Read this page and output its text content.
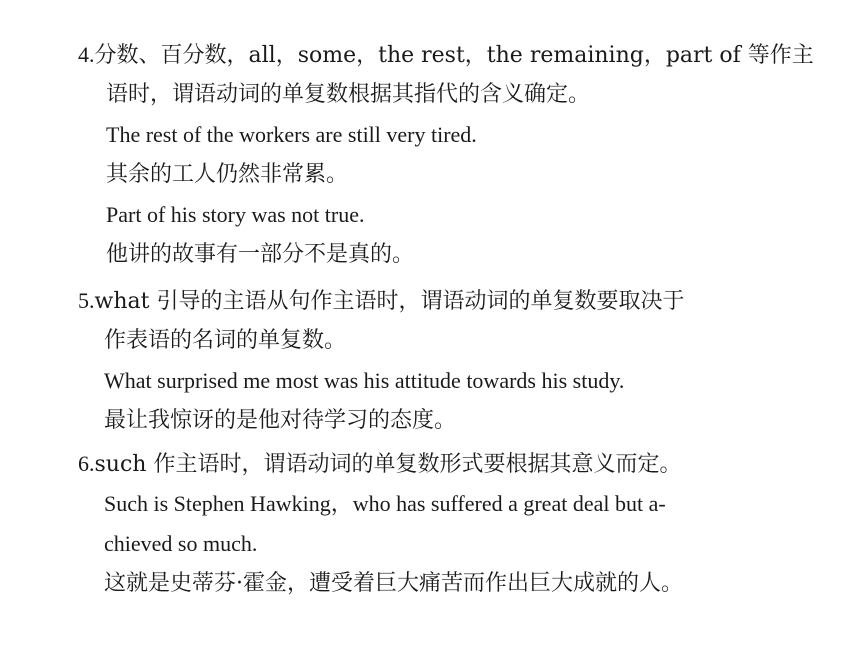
4.分数、百分数，all，some，the rest，the remaining，part of 等作主
语时，谓语动词的单复数根据其指代的含义确定。
The rest of the workers are still very tired.
其余的工人仍然非常累。
Part of his story was not true.
他讲的故事有一部分不是真的。
5.what 引导的主语从句作主语时，谓语动词的单复数要取决于
作表语的名词的单复数。
What surprised me most was his attitude towards his study.
最让我惊讶的是他对待学习的态度。
6.such 作主语时，谓语动词的单复数形式要根据其意义而定。
Such is Stephen Hawking，who has suffered a great deal but a-
chieved so much.
这就是史蒂芬·霍金，遭受着巨大痛苦而作出巨大成就的人。
